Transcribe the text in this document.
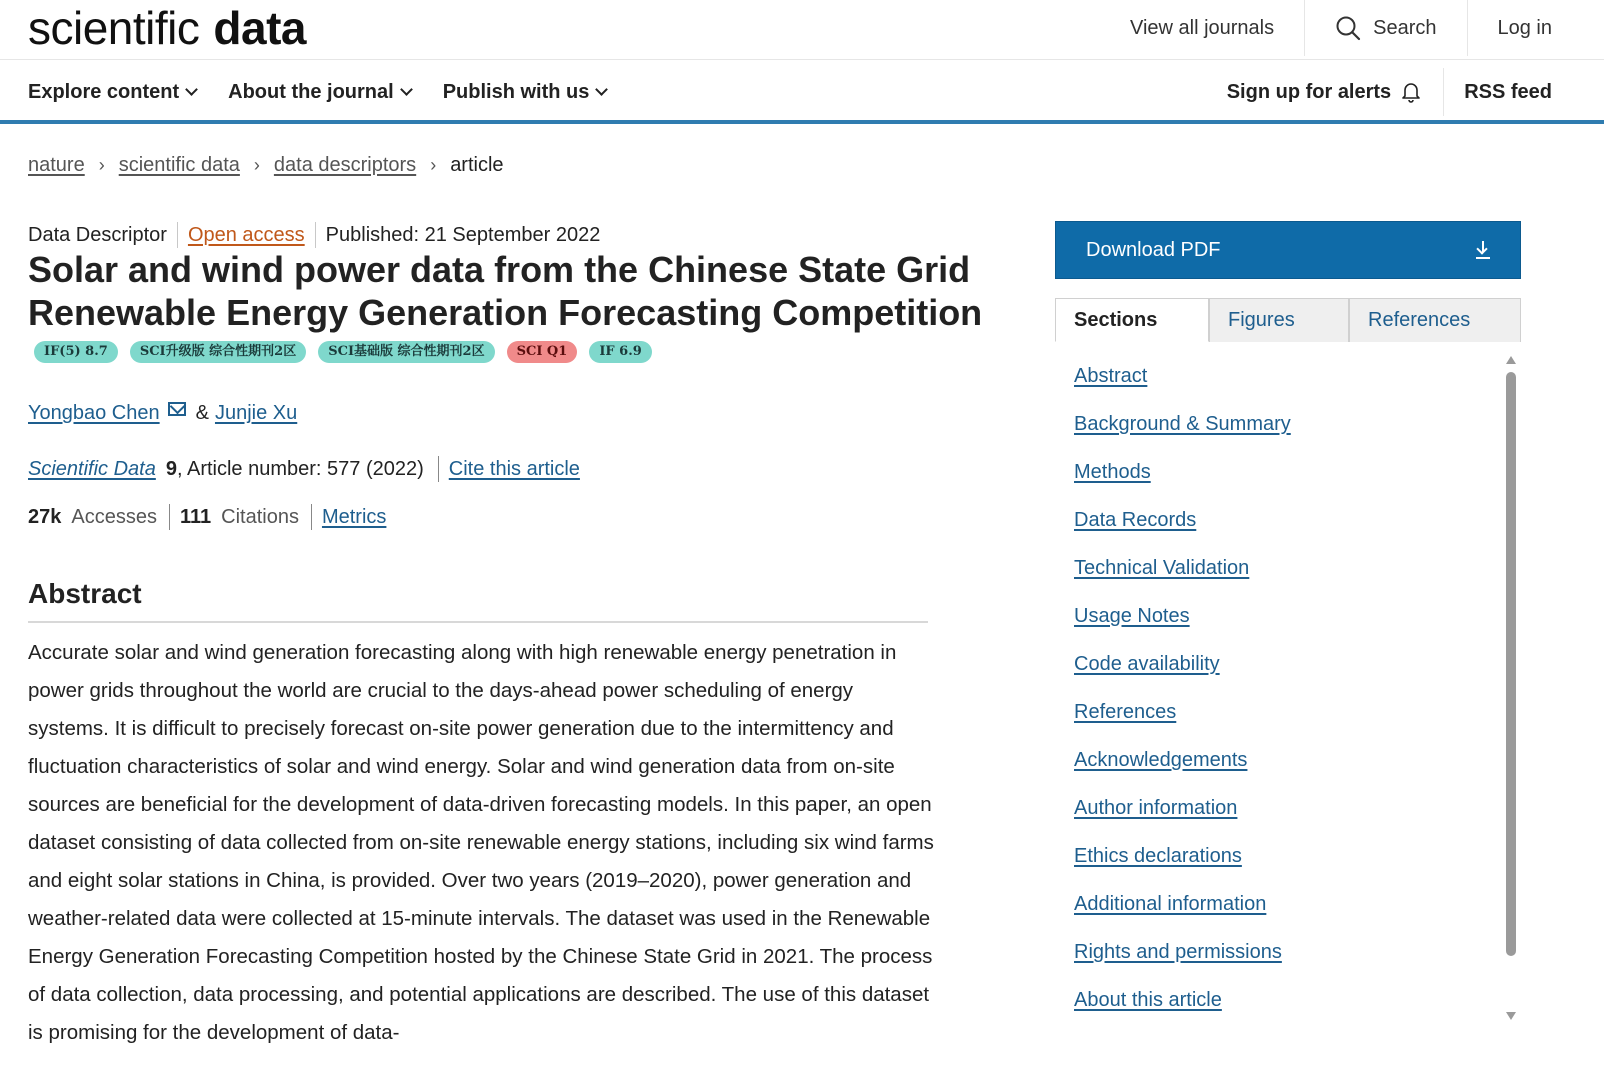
scientific data	View all journals	Search	Log in
Explore content About the journal Publish with us	Sign up for alerts	RSS feed
nature › scientific data › data descriptors › article
Data Descriptor Open access Published: 21 September 2022
Solar and wind power data from the Chinese State Grid Renewable Energy Generation Forecasting Competition
IF(5) 8.7	SCI升级版 综合性期刊2区	SCI基础版 综合性期刊2区	SCI Q1	IF 6.9
Yongbao Chen & Junjie Xu
Scientific Data 9 , Article number: 577 (2022) Cite this article
27k Accesses 111 Citations Metrics
Abstract

Accurate solar and wind generation forecasting along with high renewable energy penetration in power grids throughout the world are crucial to the days-ahead power scheduling of energy systems. It is difficult to precisely forecast on-site power generation due to the intermittency and fluctuation characteristics of solar and wind energy. Solar and wind generation data from on-site sources are beneficial for the development of data-driven forecasting models. In this paper, an open dataset consisting of data collected from on-site renewable energy stations, including six wind farms and eight solar stations in China, is provided. Over two years (2019–2020), power generation and weather-related data were collected at 15-minute intervals. The dataset was used in the Renewable Energy Generation Forecasting Competition hosted by the Chinese State Grid in 2021. The process of data collection, data processing, and potential applications are described. The use of this dataset is promising for the development of data-

Download PDF
Sections	Figures	References
Abstract
Background & Summary
Methods
Data Records
Technical Validation
Usage Notes
Code availability
References
Acknowledgements
Author information
Ethics declarations
Additional information
Rights and permissions
About this article
